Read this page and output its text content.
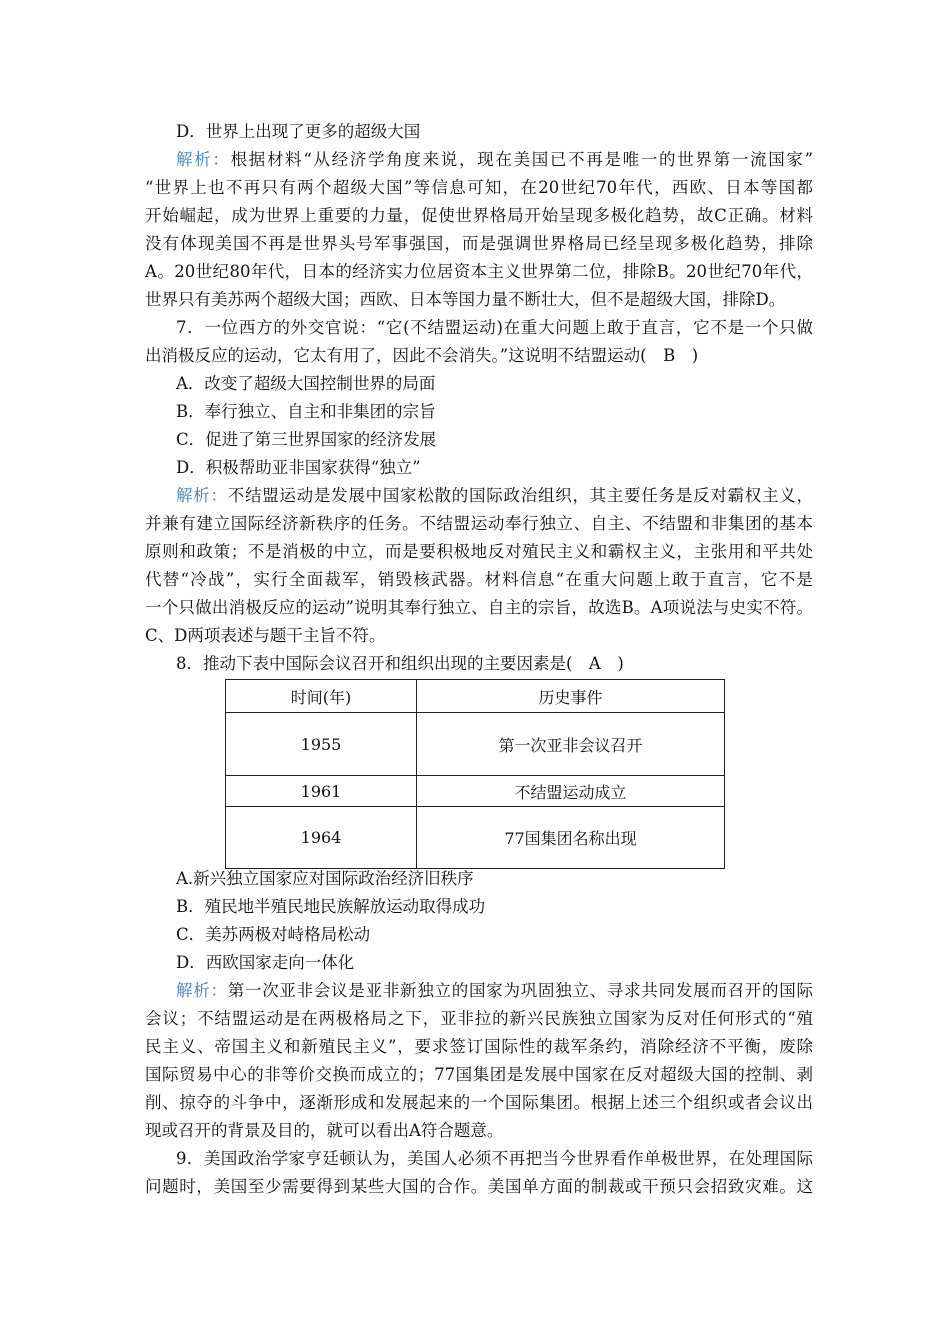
D．世界上出现了更多的超级大国
解析：根据材料“从经济学角度来说，现在美国已不再是唯一的世界第一流国家”
“世界上也不再只有两个超级大国”等信息可知，在20世纪70年代，西欧、日本等国都
开始崛起，成为世界上重要的力量，促使世界格局开始呈现多极化趋势，故C正确。材料
没有体现美国不再是世界头号军事强国，而是强调世界格局已经呈现多极化趋势，排除
A。20世纪80年代，日本的经济实力位居资本主义世界第二位，排除B。20世纪70年代，
世界只有美苏两个超级大国；西欧、日本等国力量不断壮大，但不是超级大国，排除D。
7．一位西方的外交官说：“它(不结盟运动)在重大问题上敢于直言，它不是一个只做
出消极反应的运动，它太有用了，因此不会消失。”这说明不结盟运动(　B　)
A．改变了超级大国控制世界的局面
B．奉行独立、自主和非集团的宗旨
C．促进了第三世界国家的经济发展
D．积极帮助亚非国家获得“独立”
解析：不结盟运动是发展中国家松散的国际政治组织，其主要任务是反对霸权主义，
并兼有建立国际经济新秩序的任务。不结盟运动奉行独立、自主、不结盟和非集团的基本
原则和政策；不是消极的中立，而是要积极地反对殖民主义和霸权主义，主张用和平共处
代替“冷战”，实行全面裁军，销毁核武器。材料信息“在重大问题上敢于直言，它不是
一个只做出消极反应的运动”说明其奉行独立、自主的宗旨，故选B。A项说法与史实不符。
C、D两项表述与题干主旨不符。
8．推动下表中国际会议召开和组织出现的主要因素是(　A　)
时间(年)	历史事件
1955	第一次亚非会议召开
1961	不结盟运动成立
1964	77国集团名称出现
A.新兴独立国家应对国际政治经济旧秩序
B．殖民地半殖民地民族解放运动取得成功
C．美苏两极对峙格局松动
D．西欧国家走向一体化
解析：第一次亚非会议是亚非新独立的国家为巩固独立、寻求共同发展而召开的国际
会议；不结盟运动是在两极格局之下，亚非拉的新兴民族独立国家为反对任何形式的“殖
民主义、帝国主义和新殖民主义”，要求签订国际性的裁军条约，消除经济不平衡，废除
国际贸易中心的非等价交换而成立的；77国集团是发展中国家在反对超级大国的控制、剥
削、掠夺的斗争中，逐渐形成和发展起来的一个国际集团。根据上述三个组织或者会议出
现或召开的背景及目的，就可以看出A符合题意。
9．美国政治学家亨廷顿认为，美国人必须不再把当今世界看作单极世界，在处理国际
问题时，美国至少需要得到某些大国的合作。美国单方面的制裁或干预只会招致灾难。这
